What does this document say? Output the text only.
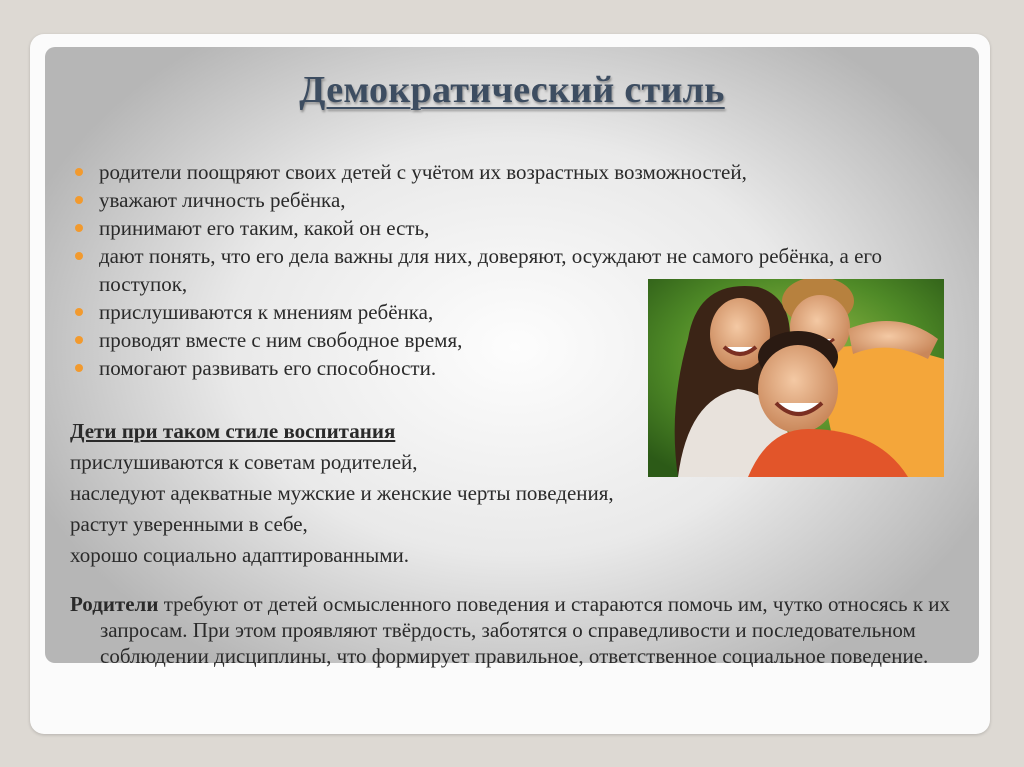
Демократический стиль
родители поощряют своих детей с учётом их возрастных возможностей,
уважают личность ребёнка,
принимают его таким, какой он есть,
дают понять, что его дела важны для них, доверяют, осуждают не самого ребёнка, а его поступок,
прислушиваются к мнениям ребёнка,
проводят вместе с ним свободное время,
помогают развивать его способности.
Дети при таком стиле воспитания
прислушиваются к советам родителей,
наследуют адекватные мужские и женские черты поведения,
растут уверенными в себе,
хорошо социально адаптированными.
Родители требуют от детей осмысленного поведения и стараются помочь им, чутко относясь к их запросам. При этом проявляют твёрдость, заботятся о справедливости и последовательном соблюдении дисциплины, что формирует правильное, ответственное социальное поведение.
